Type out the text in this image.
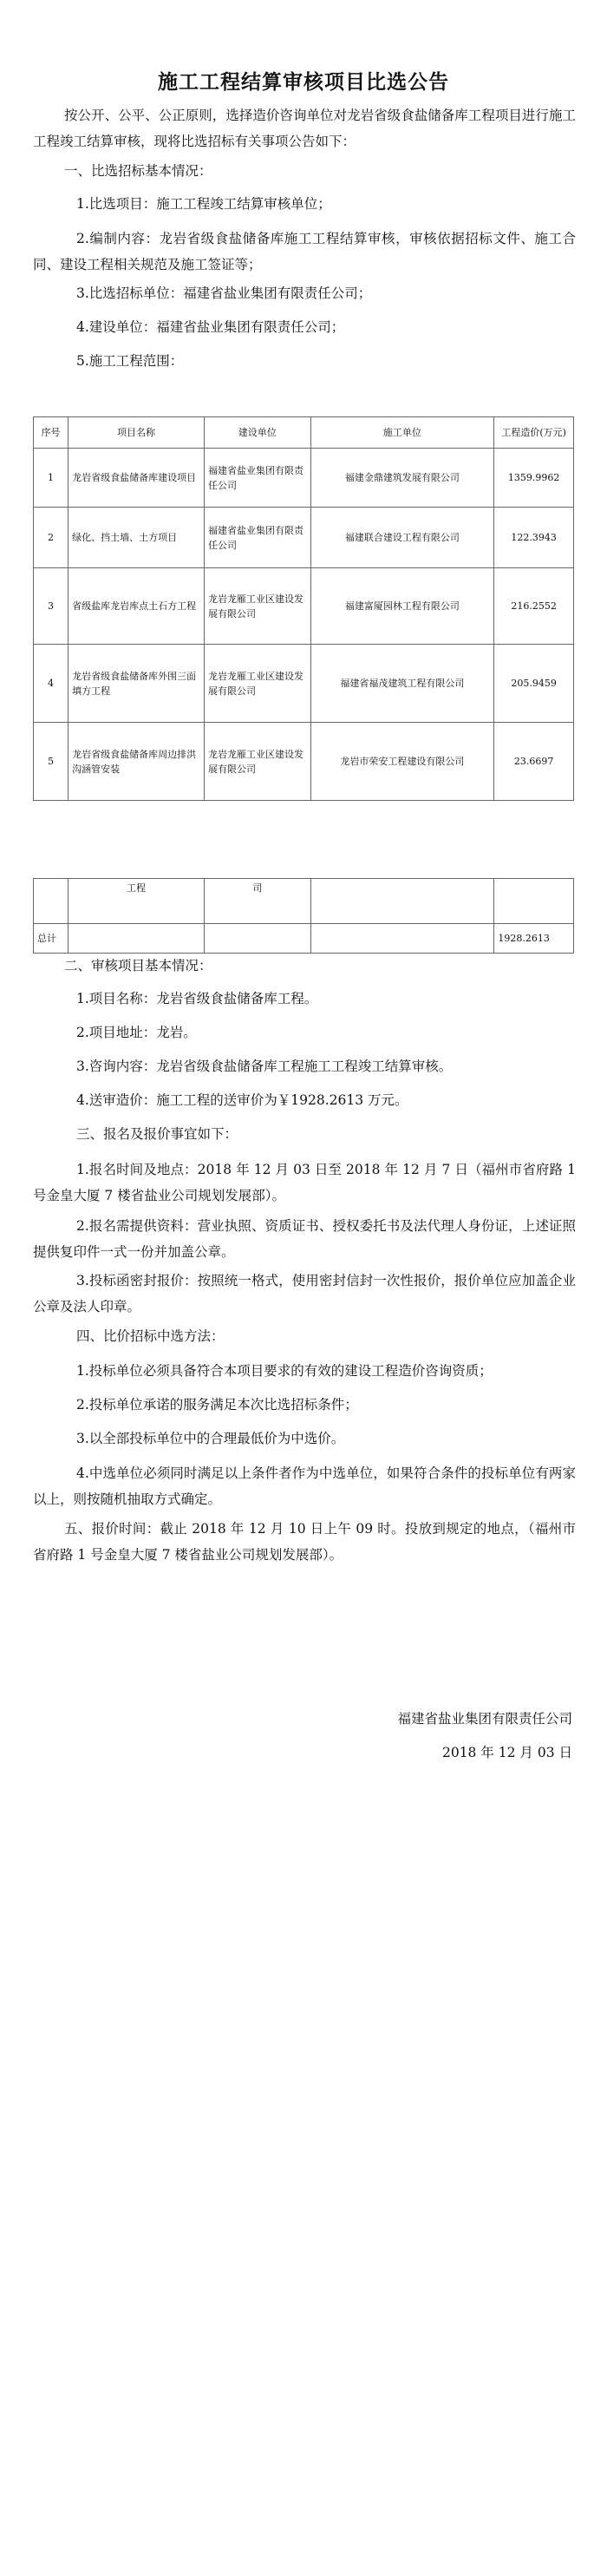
施工工程结算审核项目比选公告
按公开、公平、公正原则，选择造价咨询单位对龙岩省级食盐储备库工程项目进行施工工程竣工结算审核，现将比选招标有关事项公告如下：
一、比选招标基本情况：
1.比选项目：施工工程竣工结算审核单位；
2.编制内容：龙岩省级食盐储备库施工工程结算审核，审核依据招标文件、施工合同、建设工程相关规范及施工签证等；
3.比选招标单位：福建省盐业集团有限责任公司；
4.建设单位：福建省盐业集团有限责任公司；
5.施工工程范围：
序号	项目名称	建设单位	施工单位	工程造价(万元)
1	龙岩省级食盐储备库建设项目	福建省盐业集团有限责任公司	福建金鼎建筑发展有限公司	1359.9962
2	绿化、挡土墙、土方项目	福建省盐业集团有限责任公司	福建联合建设工程有限公司	122.3943
3	省级盐库龙岩库点土石方工程	龙岩龙雁工业区建设发展有限公司	福建富厦园林工程有限公司	216.2552
4	龙岩省级食盐储备库外围三面填方工程	龙岩龙雁工业区建设发展有限公司	福建省福茂建筑工程有限公司	205.9459
5	龙岩省级食盐储备库周边排洪沟涵管安装	龙岩龙雁工业区建设发展有限公司	龙岩市荣安工程建设有限公司	23.6697
	工程	司		
总计				1928.2613
二、审核项目基本情况：
1.项目名称：龙岩省级食盐储备库工程。
2.项目地址：龙岩。
3.咨询内容：龙岩省级食盐储备库工程施工工程竣工结算审核。
4.送审造价：施工工程的送审价为￥1928.2613 万元。
三、报名及报价事宜如下：
1.报名时间及地点：2018 年 12 月 03 日至 2018 年 12 月 7 日（福州市省府路 1 号金皇大厦 7 楼省盐业公司规划发展部）。
2.报名需提供资料：营业执照、资质证书、授权委托书及法代理人身份证，上述证照提供复印件一式一份并加盖公章。
3.投标函密封报价：按照统一格式，使用密封信封一次性报价，报价单位应加盖企业公章及法人印章。
四、比价招标中选方法：
1.投标单位必须具备符合本项目要求的有效的建设工程造价咨询资质；
2.投标单位承诺的服务满足本次比选招标条件；
3.以全部投标单位中的合理最低价为中选价。
4.中选单位必须同时满足以上条件者作为中选单位，如果符合条件的投标单位有两家以上，则按随机抽取方式确定。
五、报价时间：截止 2018 年 12 月 10 日上午 09 时。投放到规定的地点，（福州市省府路 1 号金皇大厦 7 楼省盐业公司规划发展部）。
福建省盐业集团有限责任公司
2018 年 12 月 03 日
